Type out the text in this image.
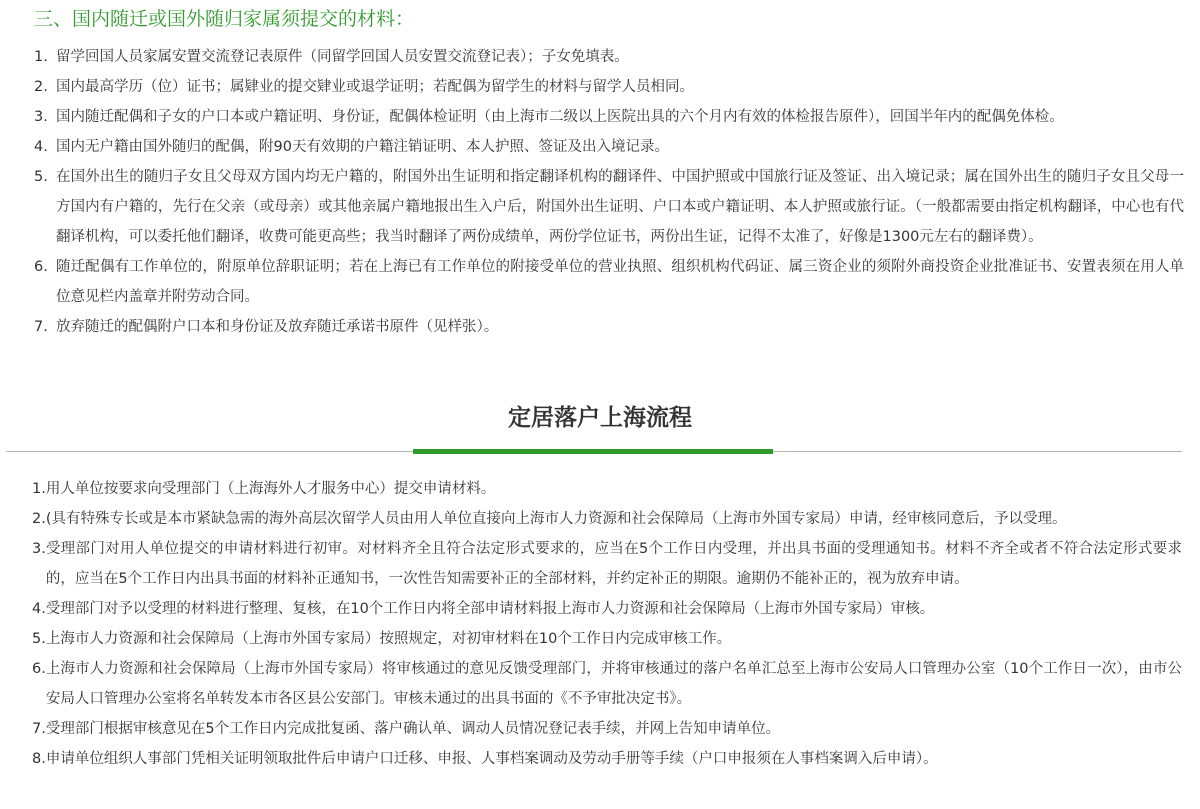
三、国内随迁或国外随归家属须提交的材料：
1. 留学回国人员家属安置交流登记表原件（同留学回国人员安置交流登记表）；子女免填表。
2. 国内最高学历（位）证书；属肄业的提交肄业或退学证明；若配偶为留学生的材料与留学人员相同。
3. 国内随迁配偶和子女的户口本或户籍证明、身份证，配偶体检证明（由上海市二级以上医院出具的六个月内有效的体检报告原件），回国半年内的配偶免体检。
4. 国内无户籍由国外随归的配偶，附90天有效期的户籍注销证明、本人护照、签证及出入境记录。
5. 在国外出生的随归子女且父母双方国内均无户籍的，附国外出生证明和指定翻译机构的翻译件、中国护照或中国旅行证及签证、出入境记录；属在国外出生的随归子女且父母一方国内有户籍的，先行在父亲（或母亲）或其他亲属户籍地报出生入户后，附国外出生证明、户口本或户籍证明、本人护照或旅行证。（一般都需要由指定机构翻译，中心也有代翻译机构，可以委托他们翻译，收费可能更高些；我当时翻译了两份成绩单，两份学位证书，两份出生证，记得不太准了，好像是1300元左右的翻译费）。
6. 随迁配偶有工作单位的，附原单位辞职证明；若在上海已有工作单位的附接受单位的营业执照、组织机构代码证、属三资企业的须附外商投资企业批准证书、安置表须在用人单位意见栏内盖章并附劳动合同。
7. 放弃随迁的配偶附户口本和身份证及放弃随迁承诺书原件（见样张）。
定居落户上海流程
1. 用人单位按要求向受理部门（上海海外人才服务中心）提交申请材料。
2. (具有特殊专长或是本市紧缺急需的海外高层次留学人员由用人单位直接向上海市人力资源和社会保障局（上海市外国专家局）申请，经审核同意后，予以受理。
3. 受理部门对用人单位提交的申请材料进行初审。对材料齐全且符合法定形式要求的，应当在5个工作日内受理，并出具书面的受理通知书。材料不齐全或者不符合法定形式要求的，应当在5个工作日内出具书面的材料补正通知书，一次性告知需要补正的全部材料，并约定补正的期限。逾期仍不能补正的，视为放弃申请。
4. 受理部门对予以受理的材料进行整理、复核，在10个工作日内将全部申请材料报上海市人力资源和社会保障局（上海市外国专家局）审核。
5. 上海市人力资源和社会保障局（上海市外国专家局）按照规定，对初审材料在10个工作日内完成审核工作。
6. 上海市人力资源和社会保障局（上海市外国专家局）将审核通过的意见反馈受理部门，并将审核通过的落户名单汇总至上海市公安局人口管理办公室（10个工作日一次），由市公安局人口管理办公室将名单转发本市各区县公安部门。审核未通过的出具书面的《不予审批决定书》。
7. 受理部门根据审核意见在5个工作日内完成批复函、落户确认单、调动人员情况登记表手续，并网上告知申请单位。
8. 申请单位组织人事部门凭相关证明领取批件后申请户口迁移、申报、人事档案调动及劳动手册等手续（户口申报须在人事档案调入后申请）。
